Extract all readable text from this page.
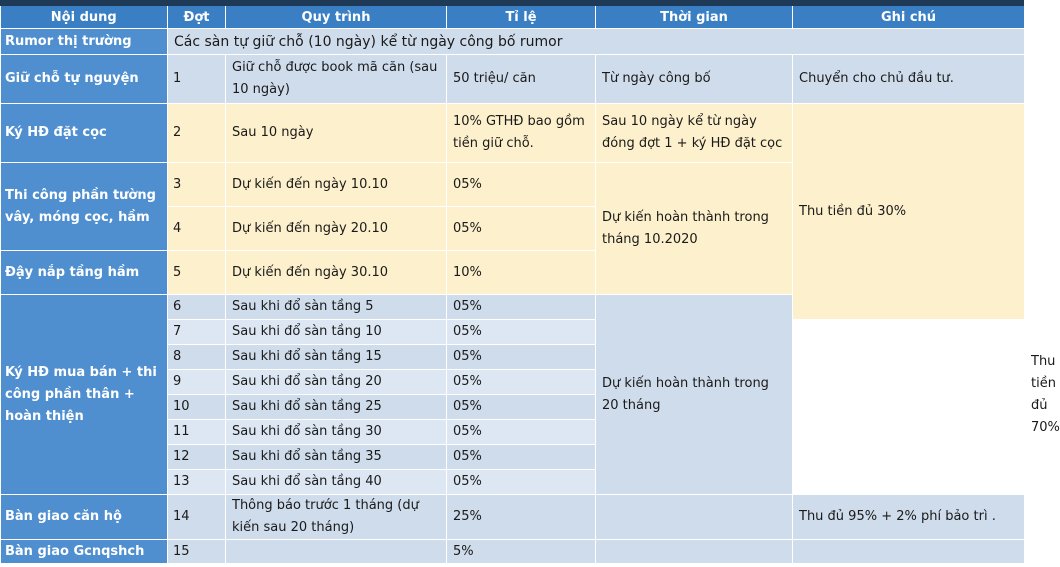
Nội dung	Đợt	Quy trình	Tỉ lệ	Thời gian	Ghi chú	
Rumor thị trường	Các sàn tự giữ chỗ (10 ngày) kể từ ngày công bố rumor					
Giữ chỗ tự nguyện	1	Giữ chỗ được book mã căn (sau 10 ngày)	50 triệu/ căn	Từ ngày công bố	Chuyển cho chủ đầu tư.	
Ký HĐ đặt cọc	2	Sau 10 ngày	10% GTHĐ bao gồm tiền giữ chỗ.	Sau 10 ngày kể từ ngày đóng đợt 1 + ký HĐ đặt cọc	Thu tiền đủ 30%	
Thi công phần tường vây, móng cọc, hầm	3	Dự kiến đến ngày 10.10	05%	Dự kiến hoàn thành trong tháng 10.2020		
	4	Dự kiến đến ngày 20.10	05%			
Đậy nắp tầng hầm	5	Dự kiến đến ngày 30.10	10%			
Ký HĐ mua bán + thi công phần thân + hoàn thiện	6	Sau khi đổ sàn tầng 5	05%	Dự kiến hoàn thành trong 20 tháng		Thu tiền đủ 70%
	7	Sau khi đổ sàn tầng 10	05%			
	8	Sau khi đổ sàn tầng 15	05%			
	9	Sau khi đổ sàn tầng 20	05%			
	10	Sau khi đổ sàn tầng 25	05%			
	11	Sau khi đổ sàn tầng 30	05%			
	12	Sau khi đổ sàn tầng 35	05%			
	13	Sau khi đổ sàn tầng 40	05%			
Bàn giao căn hộ	14	Thông báo trước 1 tháng (dự kiến sau 20 tháng)	25%		Thu đủ 95% + 2% phí bảo trì .	
Bàn giao Gcnqshch	15		5%			
